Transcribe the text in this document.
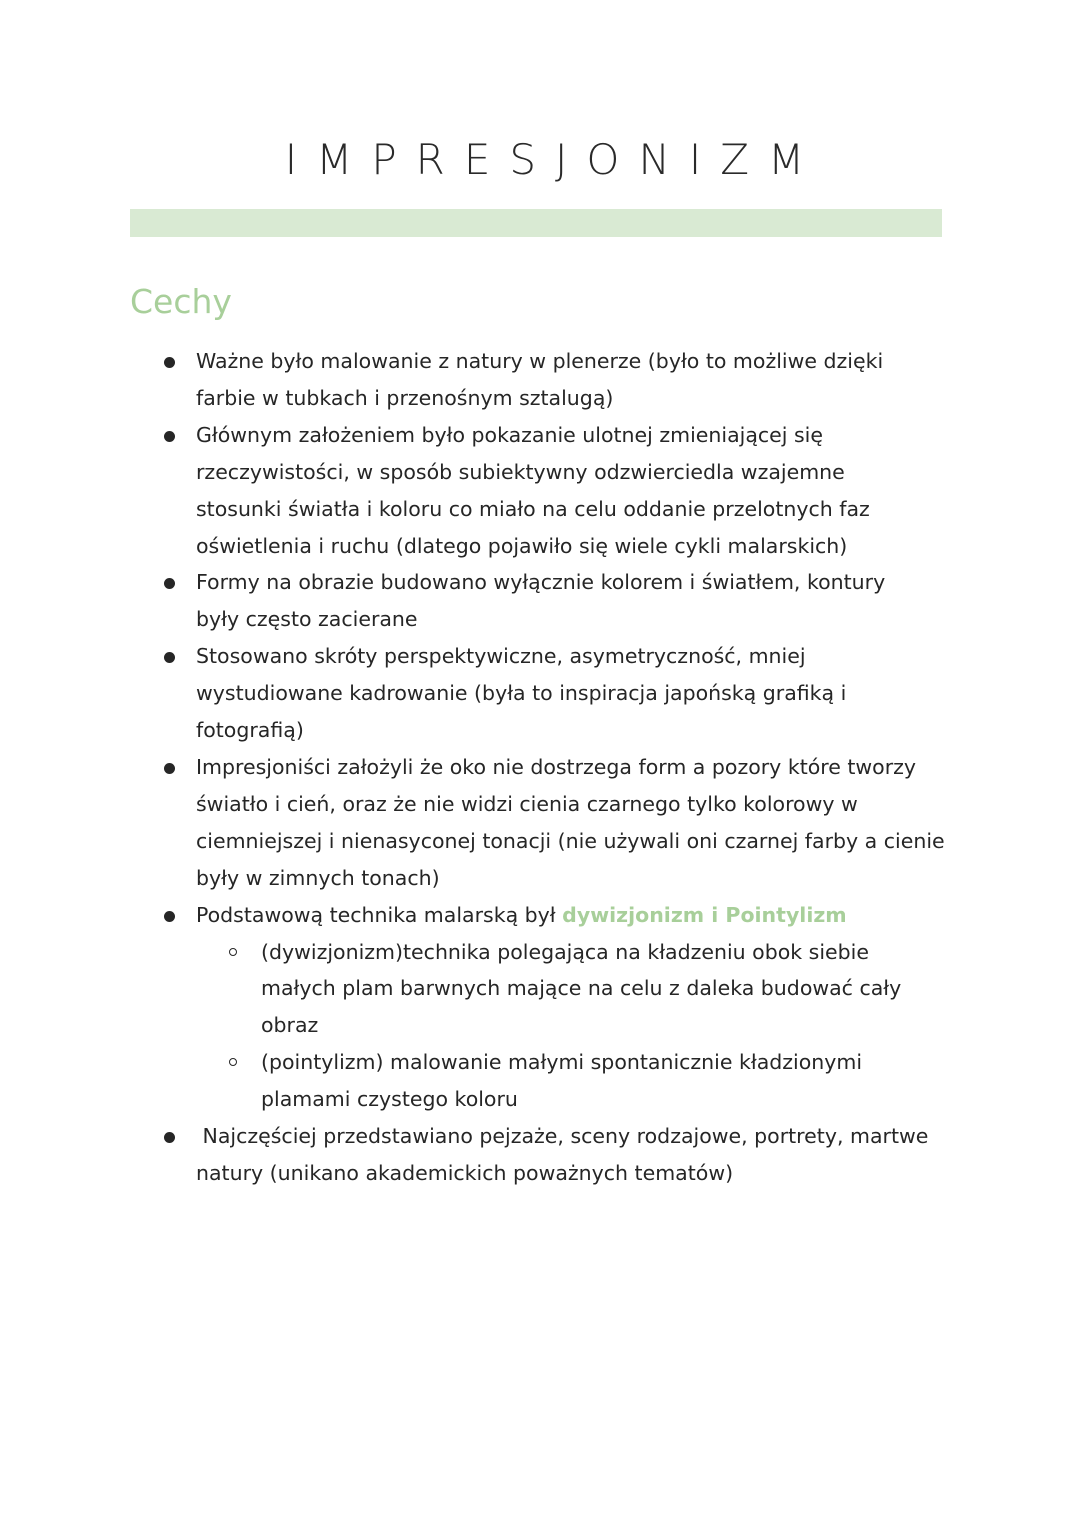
IMPRESJONIZM
Cechy
Ważne było malowanie z natury w plenerze (było to możliwe dzięki
farbie w tubkach i przenośnym sztalugą)
Głównym założeniem było pokazanie ulotnej zmieniającej się
rzeczywistości, w sposób subiektywny odzwierciedla wzajemne
stosunki światła i koloru co miało na celu oddanie przelotnych faz
oświetlenia i ruchu (dlatego pojawiło się wiele cykli malarskich)
Formy na obrazie budowano wyłącznie kolorem i światłem, kontury
były często zacierane
Stosowano skróty perspektywiczne, asymetryczność, mniej
wystudiowane kadrowanie (była to inspiracja japońską grafiką i
fotografią)
Impresjoniści założyli że oko nie dostrzega form a pozory które tworzy
światło i cień, oraz że nie widzi cienia czarnego tylko kolorowy w
ciemniejszej i nienasyconej tonacji (nie używali oni czarnej farby a cienie
były w zimnych tonach)
Podstawową technika malarską był dywizjonizm i Pointylizm
(dywizjonizm)technika polegająca na kładzeniu obok siebie
małych plam barwnych mające na celu z daleka budować cały
obraz
(pointylizm) malowanie małymi spontanicznie kładzionymi
plamami czystego koloru
Najczęściej przedstawiano pejzaże, sceny rodzajowe, portrety, martwe
natury (unikano akademickich poważnych tematów)
